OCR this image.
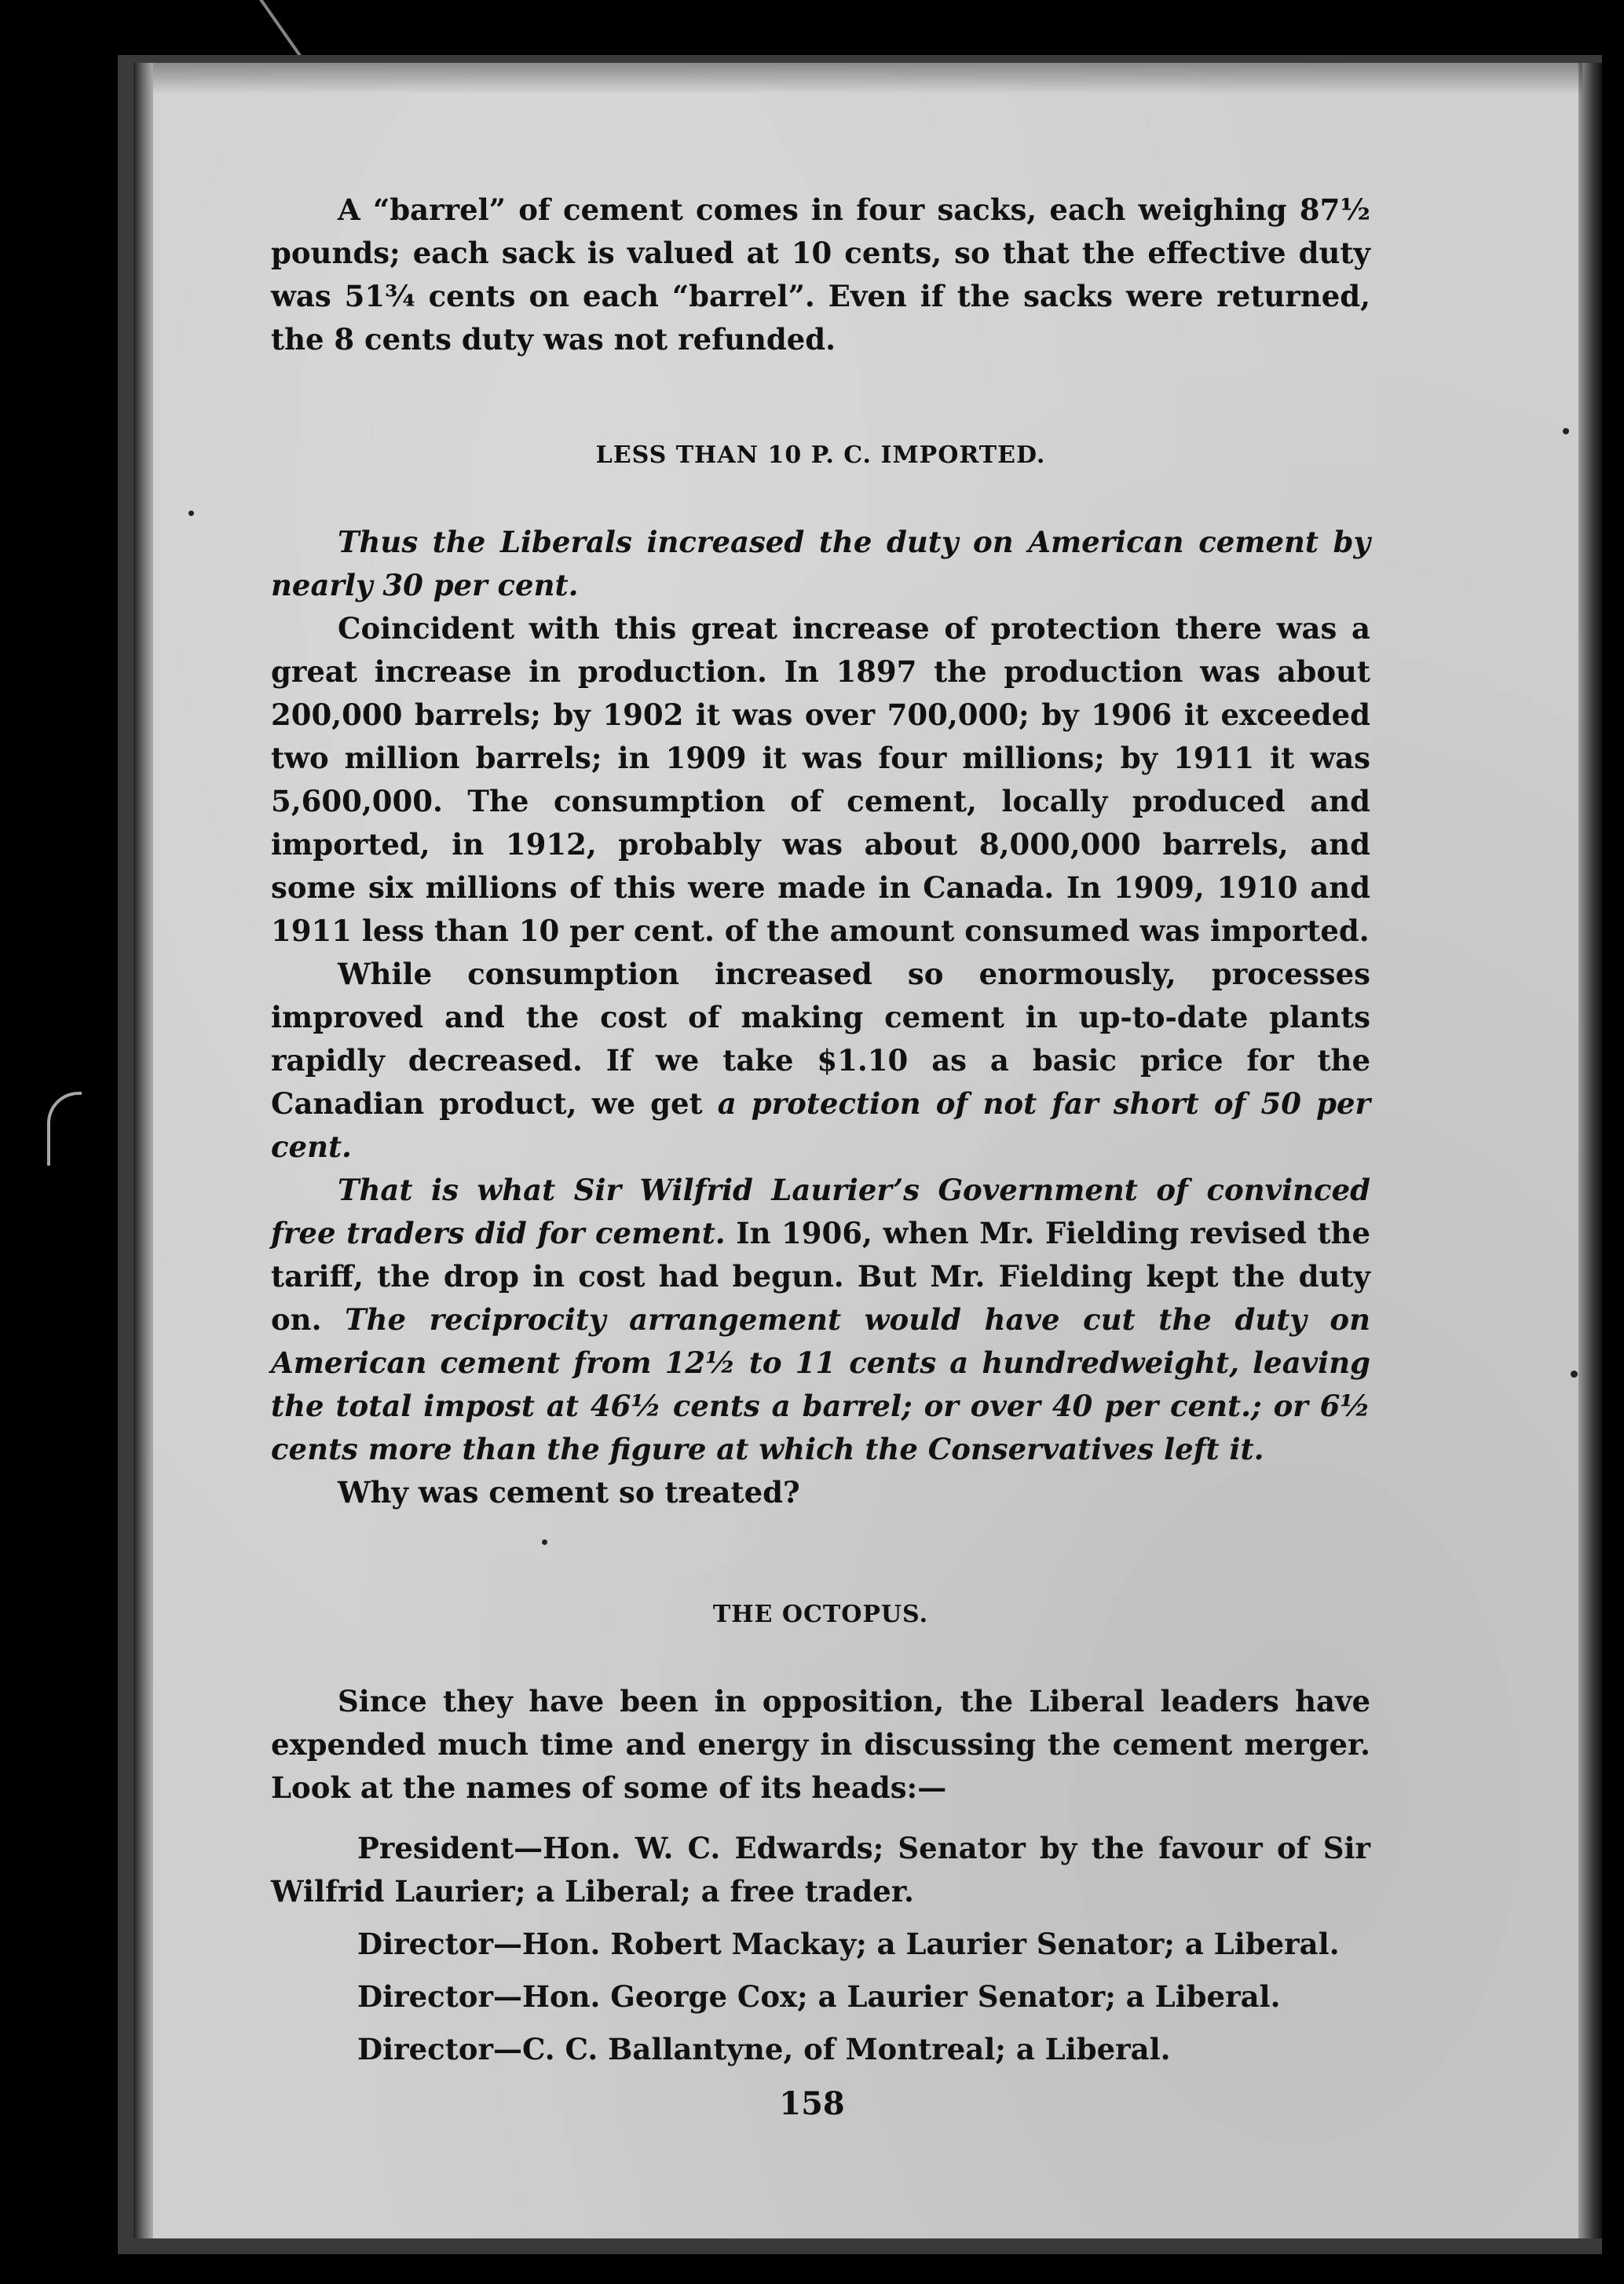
A “barrel” of cement comes in four sacks, each weighing 87½ pounds; each sack is valued at 10 cents, so that the effective duty was 51¾ cents on each “barrel”. Even if the sacks were returned, the 8 cents duty was not refunded.

LESS THAN 10 P. C. IMPORTED.

Thus the Liberals increased the duty on American cement by nearly 30 per cent.

Coincident with this great increase of protection there was a great increase in production. In 1897 the production was about 200,000 barrels; by 1902 it was over 700,000; by 1906 it exceeded two million barrels; in 1909 it was four millions; by 1911 it was 5,600,000. The consumption of cement, locally produced and imported, in 1912, probably was about 8,000,000 barrels, and some six millions of this were made in Canada. In 1909, 1910 and 1911 less than 10 per cent. of the amount consumed was imported.

While consumption increased so enormously, processes improved and the cost of making cement in up-to-date plants rapidly decreased. If we take $1.10 as a basic price for the Canadian product, we get a protection of not far short of 50 per cent.

That is what Sir Wilfrid Laurier’s Government of convinced free traders did for cement. In 1906, when Mr. Fielding revised the tariff, the drop in cost had begun. But Mr. Fielding kept the duty on. The reciprocity arrangement would have cut the duty on American cement from 12½ to 11 cents a hundredweight, leaving the total impost at 46½ cents a barrel; or over 40 per cent.; or 6½ cents more than the figure at which the Conservatives left it.

Why was cement so treated?

THE OCTOPUS.

Since they have been in opposition, the Liberal leaders have expended much time and energy in discussing the cement merger. Look at the names of some of its heads:—

President—Hon. W. C. Edwards; Senator by the favour of Sir Wilfrid Laurier; a Liberal; a free trader.

Director—Hon. Robert Mackay; a Laurier Senator; a Liberal.

Director—Hon. George Cox; a Laurier Senator; a Liberal.

Director—C. C. Ballantyne, of Montreal; a Liberal.

158
